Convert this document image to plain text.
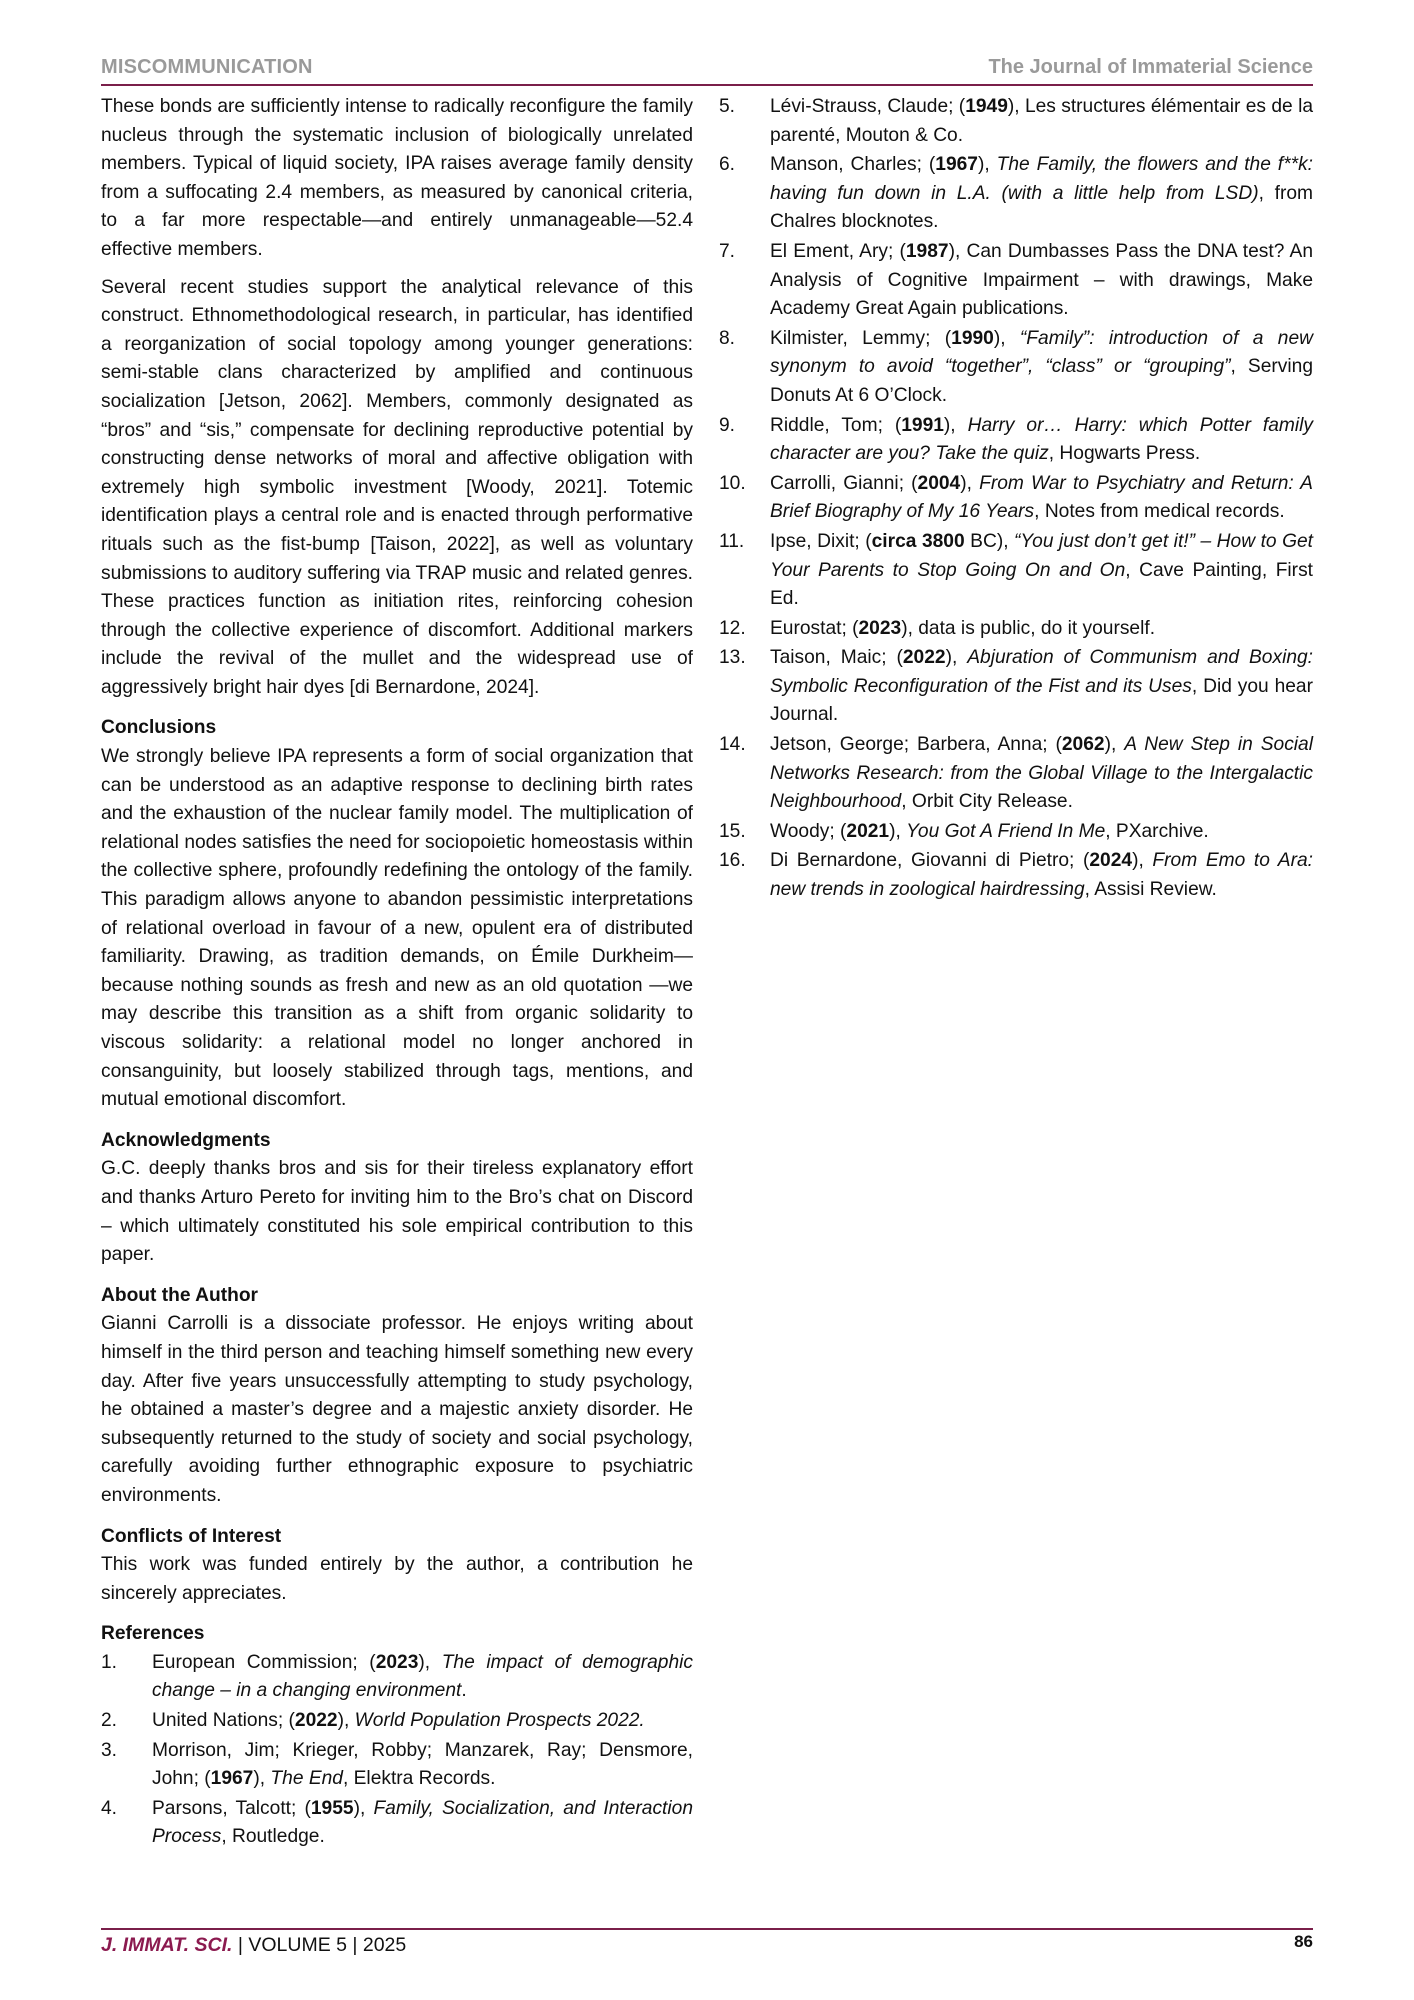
MISCOMMUNICATION	The Journal of Immaterial Science

These bonds are sufficiently intense to radically reconfigure the family nucleus through the systematic inclusion of biologically unrelated members. Typical of liquid society, IPA raises average family density from a suffocating 2.4 members, as measured by canonical criteria, to a far more respectable—and entirely unmanageable—52.4 effective members.

Several recent studies support the analytical relevance of this construct. Ethnomethodological research, in particular, has identified a reorganization of social topology among younger generations: semi-stable clans characterized by amplified and continuous socialization [Jetson, 2062]. Members, commonly designated as “bros” and “sis,” compensate for declining reproductive potential by constructing dense networks of moral and affective obligation with extremely high symbolic investment [Woody, 2021]. Totemic identification plays a central role and is enacted through performative rituals such as the fist-bump [Taison, 2022], as well as voluntary submissions to auditory suffering via TRAP music and related genres. These practices function as initiation rites, reinforcing cohesion through the collective experience of discomfort. Additional markers include the revival of the mullet and the widespread use of aggressively bright hair dyes [di Bernardone, 2024].

Conclusions

We strongly believe IPA represents a form of social organization that can be understood as an adaptive response to declining birth rates and the exhaustion of the nuclear family model. The multiplication of relational nodes satisfies the need for sociopoietic homeostasis within the collective sphere, profoundly redefining the ontology of the family. This paradigm allows anyone to abandon pessimistic interpretations of relational overload in favour of a new, opulent era of distributed familiarity. Drawing, as tradition demands, on Émile Durkheim—because nothing sounds as fresh and new as an old quotation —we may describe this transition as a shift from organic solidarity to viscous solidarity: a relational model no longer anchored in consanguinity, but loosely stabilized through tags, mentions, and mutual emotional discomfort.

Acknowledgments

G.C. deeply thanks bros and sis for their tireless explanatory effort and thanks Arturo Pereto for inviting him to the Bro’s chat on Discord – which ultimately constituted his sole empirical contribution to this paper.

About the Author

Gianni Carrolli is a dissociate professor. He enjoys writing about himself in the third person and teaching himself something new every day. After five years unsuccessfully attempting to study psychology, he obtained a master’s degree and a majestic anxiety disorder. He subsequently returned to the study of society and social psychology, carefully avoiding further ethnographic exposure to psychiatric environments.

Conflicts of Interest

This work was funded entirely by the author, a contribution he sincerely appreciates.

References
1.	European Commission; (2023), The impact of demographic change – in a changing environment.
2.	United Nations; (2022), World Population Prospects 2022.
3.	Morrison, Jim; Krieger, Robby; Manzarek, Ray; Densmore, John; (1967), The End, Elektra Records.
4.	Parsons, Talcott; (1955), Family, Socialization, and Interaction Process, Routledge.
5.	Lévi-Strauss, Claude; (1949), Les structures élémentair es de la parenté, Mouton & Co.
6.	Manson, Charles; (1967), The Family, the flowers and the f**k: having fun down in L.A. (with a little help from LSD), from Chalres blocknotes.
7.	El Ement, Ary; (1987), Can Dumbasses Pass the DNA test? An Analysis of Cognitive Impairment – with drawings, Make Academy Great Again publications.
8.	Kilmister, Lemmy; (1990), “Family”: introduction of a new synonym to avoid “together”, “class” or “grouping”, Serving Donuts At 6 O’Clock.
9.	Riddle, Tom; (1991), Harry or… Harry: which Potter family character are you? Take the quiz, Hogwarts Press.
10.	Carrolli, Gianni; (2004), From War to Psychiatry and Return: A Brief Biography of My 16 Years, Notes from medical records.
11.	Ipse, Dixit; (circa 3800 BC), “You just don’t get it!” – How to Get Your Parents to Stop Going On and On, Cave Painting, First Ed.
12.	Eurostat; (2023), data is public, do it yourself.
13.	Taison, Maic; (2022), Abjuration of Communism and Boxing: Symbolic Reconfiguration of the Fist and its Uses, Did you hear Journal.
14.	Jetson, George; Barbera, Anna; (2062), A New Step in Social Networks Research: from the Global Village to the Intergalactic Neighbourhood, Orbit City Release.
15.	Woody; (2021), You Got A Friend In Me, PXarchive.
16.	Di Bernardone, Giovanni di Pietro; (2024), From Emo to Ara: new trends in zoological hairdressing, Assisi Review.
J. IMMAT. SCI. | VOLUME 5 | 2025	86
